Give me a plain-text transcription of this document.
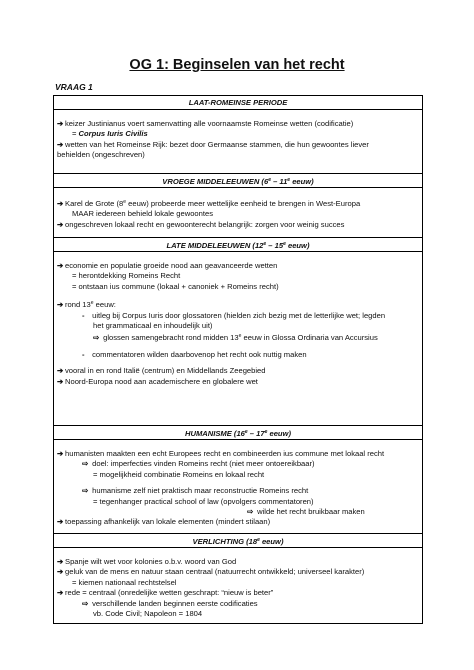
OG 1: Beginselen van het recht
VRAAG 1
LAAT-ROMEINSE PERIODE
➔ keizer Justinianus voert samenvatting alle voornaamste Romeinse wetten (codificatie)
= Corpus Iuris Civilis
➔ wetten van het Romeinse Rijk: bezet door Germaanse stammen, die hun gewoontes liever
behielden (ongeschreven)
VROEGE MIDDELEEUWEN (6e – 11e eeuw)
➔ Karel de Grote (8e eeuw) probeerde meer wettelijke eenheid te brengen in West-Europa
MAAR iedereen behield lokale gewoontes
➔ ongeschreven lokaal recht en gewoonterecht belangrijk: zorgen voor weinig succes
LATE MIDDELEEUWEN (12e – 15e eeuw)
➔ economie en populatie groeide nood aan geavanceerde wetten
= herontdekking Romeins Recht
= ontstaan ius commune (lokaal + canoniek + Romeins recht)
➔ rond 13e eeuw:
- uitleg bij Corpus Iuris door glossatoren (hielden zich bezig met de letterlijke wet; legden
het grammaticaal en inhoudelijk uit)
⇨ glossen samengebracht rond midden 13e eeuw in Glossa Ordinaria van Accursius
- commentatoren wilden daarbovenop het recht ook nuttig maken
➔ vooral in en rond Italië (centrum) en Middellands Zeegebied
➔ Noord-Europa nood aan academischere en globalere wet
HUMANISME (16e – 17e eeuw)
➔ humanisten maakten een echt Europees recht en combineerden ius commune met lokaal recht
⇨ doel: imperfecties vinden Romeins recht (niet meer ontoereikbaar)
= mogelijkheid combinatie Romeins en lokaal recht
⇨ humanisme zelf niet praktisch maar reconstructie Romeins recht
= tegenhanger practical school of law (opvolgers commentatoren)
⇨ wilde het recht bruikbaar maken
➔ toepassing afhankelijk van lokale elementen (mindert stilaan)
VERLICHTING (18e eeuw)
➔ Spanje wilt wet voor kolonies o.b.v. woord van God
➔ geluk van de mens en natuur staan centraal (natuurrecht ontwikkeld; universeel karakter)
= kiemen nationaal rechtstelsel
➔ rede = centraal (onredelijke wetten geschrapt: “nieuw is beter”
⇨ verschillende landen beginnen eerste codificaties
vb. Code Civil; Napoleon = 1804
